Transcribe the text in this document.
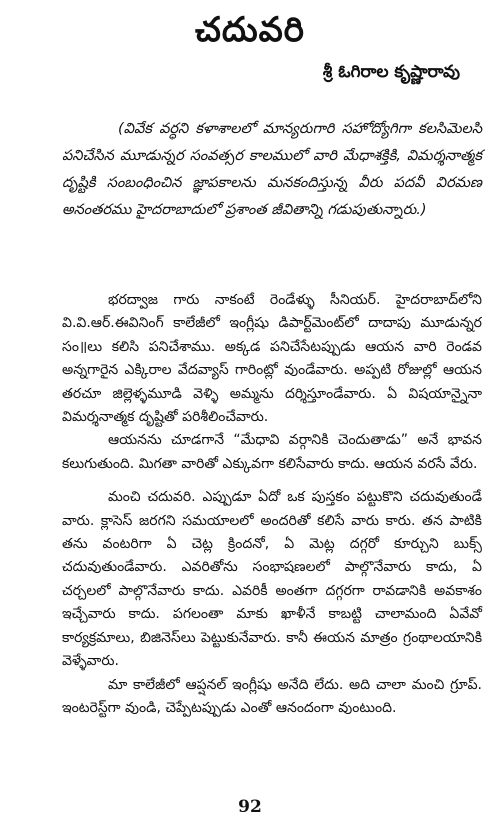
చదువరి
శ్రీ ఓగిరాల కృష్ణారావు

(వివేక వర్ధని కళాశాలలో మాన్యరుగారి సహోద్యోగిగా కలసిమెలసి పనిచేసిన మూడున్నర సంవత్సర కాలములో వారి మేధాశక్తికి, విమర్శనాత్మక దృష్టికి సంబంధించిన జ్ఞాపకాలను మనకందిస్తున్న వీరు పదవీ విరమణ అనంతరము హైదరాబాదులో ప్రశాంత జీవితాన్ని గడుపుతున్నారు.)

భరద్వాజ గారు నాకంటే రెండేళ్ళు సీనియర్. హైదరాబాద్‌లోని వి.వి.ఆర్.ఈవినింగ్ కాలేజీలో ఇంగ్లీషు డిపార్ట్‌మెంట్‌లో దాదాపు మూడున్నర సం॥లు కలిసి పనిచేశాము. అక్కడ పనిచేసేటప్పుడు ఆయన వారి రెండవ అన్నగారైన ఎక్కిరాల వేదవ్యాస్ గారింట్లో వుండేవారు. అప్పటి రోజుల్లో ఆయన తరచూ జిల్లెళ్ళమూడి వెళ్ళి అమ్మను దర్శిస్తూండేవారు. ఏ విషయాన్నైనా విమర్శనాత్మక దృష్టితో పరిశీలించేవారు.

ఆయనను చూడగానే “మేధావి వర్గానికి చెందుతాడు” అనే భావన కలుగుతుంది. మిగతా వారితో ఎక్కువగా కలిసేవారు కాదు. ఆయన వరసే వేరు.

మంచి చదువరి. ఎప్పుడూ ఏదో ఒక పుస్తకం పట్టుకొని చదువుతుండే వారు. క్లాసెస్ జరగని సమయాలలో అందరితో కలిసే వారు కారు. తన పాటికి తను వంటరిగా ఏ చెట్ల క్రిందనో, ఏ మెట్ల దగ్గరో కూర్చుని బుక్స్ చదువుతుండేవారు. ఎవరితోను సంభాషణలలో పాల్గొనేవారు కాదు, ఏ చర్చలలో పాల్గొనేవారు కాదు. ఎవరికీ అంతగా దగ్గరగా రావడానికి అవకాశం ఇచ్చేవారు కాదు. పగలంతా మాకు ఖాళీనే కాబట్టి చాలామంది ఏవేవో కార్యక్రమాలు, బిజినెస్‌లు పెట్టుకునేవారు. కానీ ఈయన మాత్రం గ్రంథాలయానికి వెళ్ళేవారు.

మా కాలేజీలో ఆప్షనల్ ఇంగ్లీషు అనేది లేదు. అది చాలా మంచి గ్రూప్. ఇంటరెస్ట్‌గా వుండి, చెప్పేటప్పుడు ఎంతో ఆనందంగా వుంటుంది.

92
